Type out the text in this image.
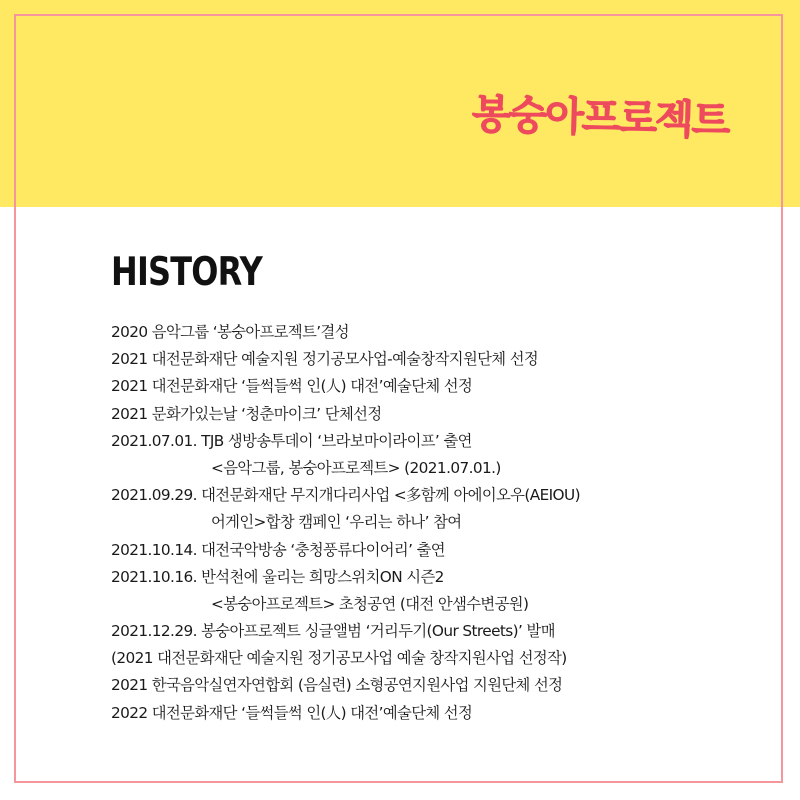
봉숭아프로젝트
HISTORY
2020 음악그룹 ‘봉숭아프로젝트’결성
2021 대전문화재단 예술지원 정기공모사업-예술창작지원단체 선정
2021 대전문화재단 ‘들썩들썩 인(人) 대전’예술단체 선정
2021 문화가있는날 ‘청춘마이크’ 단체선정
2021.07.01. TJB 생방송투데이 ‘브라보마이라이프’ 출연
<음악그룹, 봉숭아프로젝트> (2021.07.01.)
2021.09.29. 대전문화재단 무지개다리사업 <多함께 아에이오우(AEIOU)
어게인>합창 캠페인 ‘우리는 하나’ 참여
2021.10.14. 대전국악방송 ‘충청풍류다이어리’ 출연
2021.10.16. 반석천에 울리는 희망스위치ON 시즌2
<봉숭아프로젝트> 초청공연 (대전 안샘수변공원)
2021.12.29. 봉숭아프로젝트 싱글앨범 ‘거리두기(Our Streets)’ 발매
(2021 대전문화재단 예술지원 정기공모사업 예술 창작지원사업 선정작)
2021 한국음악실연자연합회 (음실련) 소형공연지원사업 지원단체 선정
2022 대전문화재단 ‘들썩들썩 인(人) 대전’예술단체 선정
